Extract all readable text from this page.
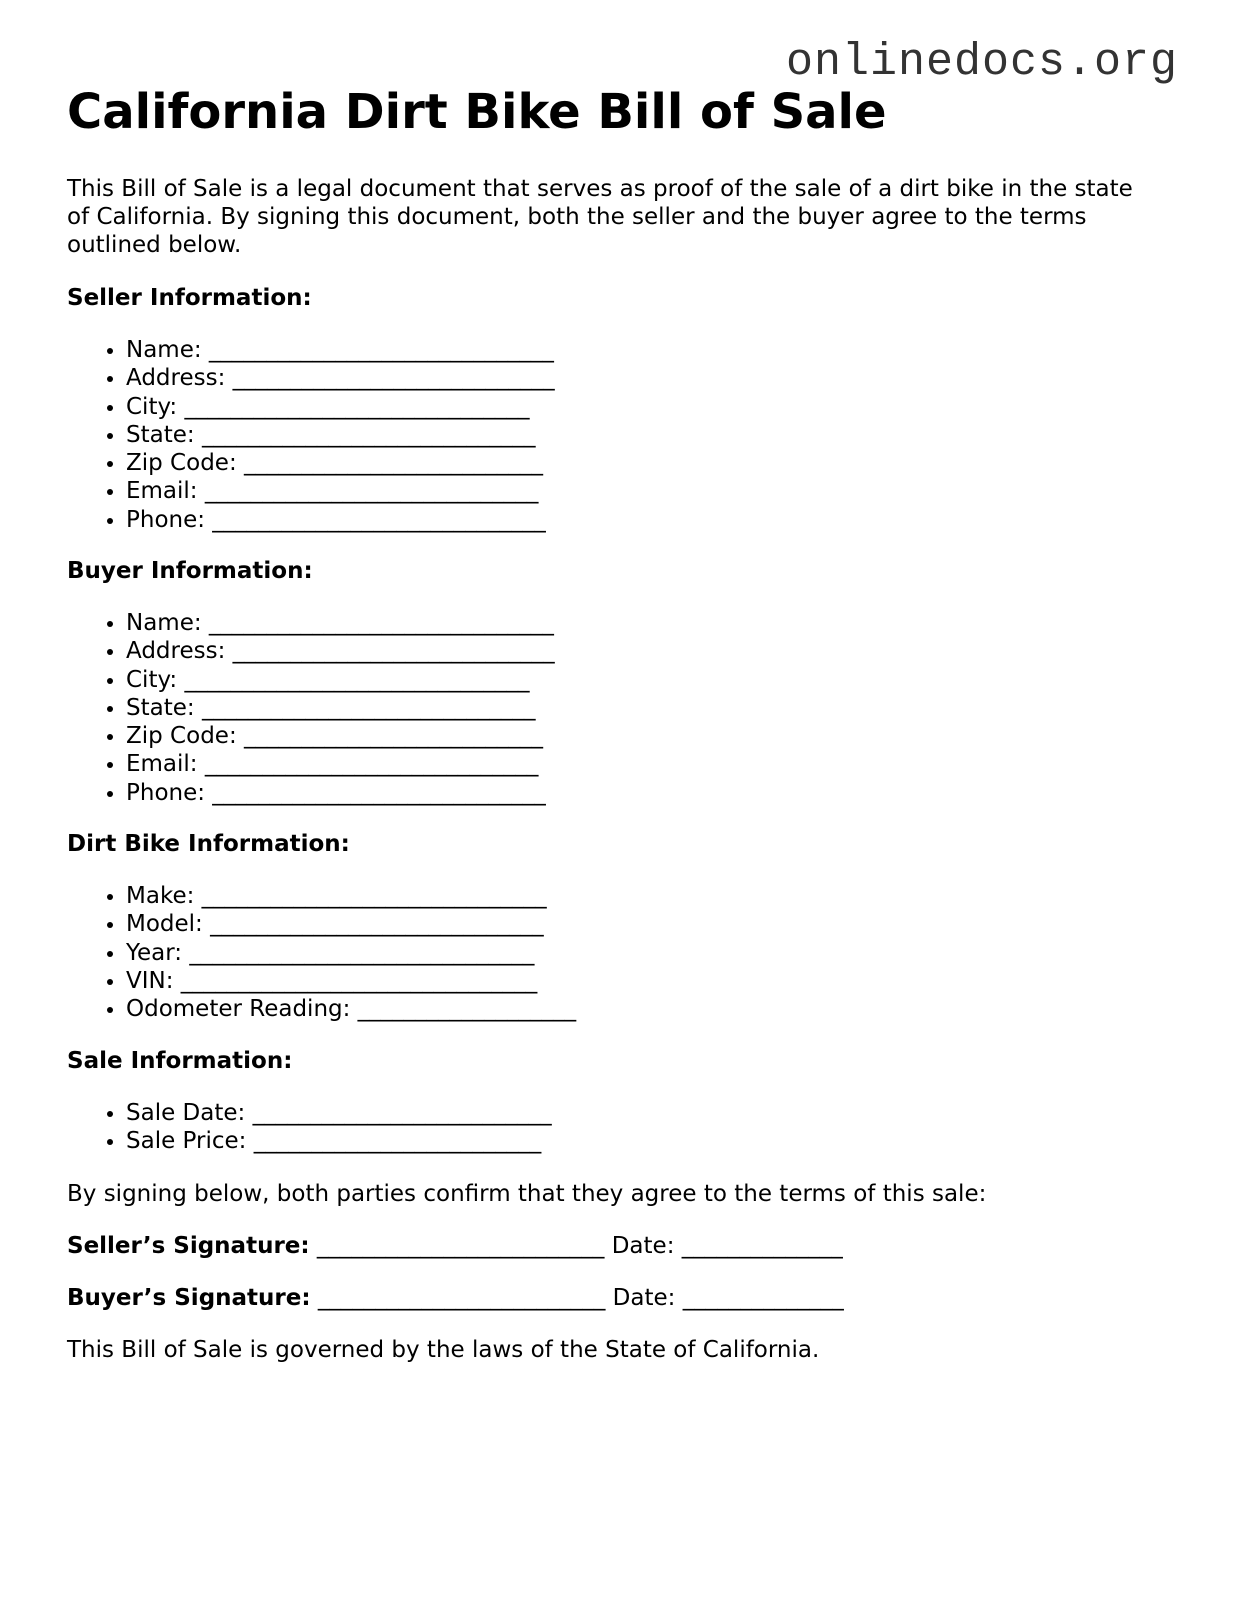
onlinedocs.org
California Dirt Bike Bill of Sale

This Bill of Sale is a legal document that serves as proof of the sale of a dirt bike in the state of California. By signing this document, both the seller and the buyer agree to the terms outlined below.

Seller Information:

• Name: ______________________________
• Address: ____________________________
• City: ______________________________
• State: _____________________________
• Zip Code: __________________________
• Email: _____________________________
• Phone: _____________________________

Buyer Information:

• Name: ______________________________
• Address: ____________________________
• City: ______________________________
• State: _____________________________
• Zip Code: __________________________
• Email: _____________________________
• Phone: _____________________________

Dirt Bike Information:

• Make: ______________________________
• Model: _____________________________
• Year: ______________________________
• VIN: _______________________________
• Odometer Reading: ___________________

Sale Information:

• Sale Date: __________________________
• Sale Price: _________________________

By signing below, both parties confirm that they agree to the terms of this sale:

Seller’s Signature: _________________________ Date: ______________

Buyer’s Signature: _________________________ Date: ______________

This Bill of Sale is governed by the laws of the State of California.
